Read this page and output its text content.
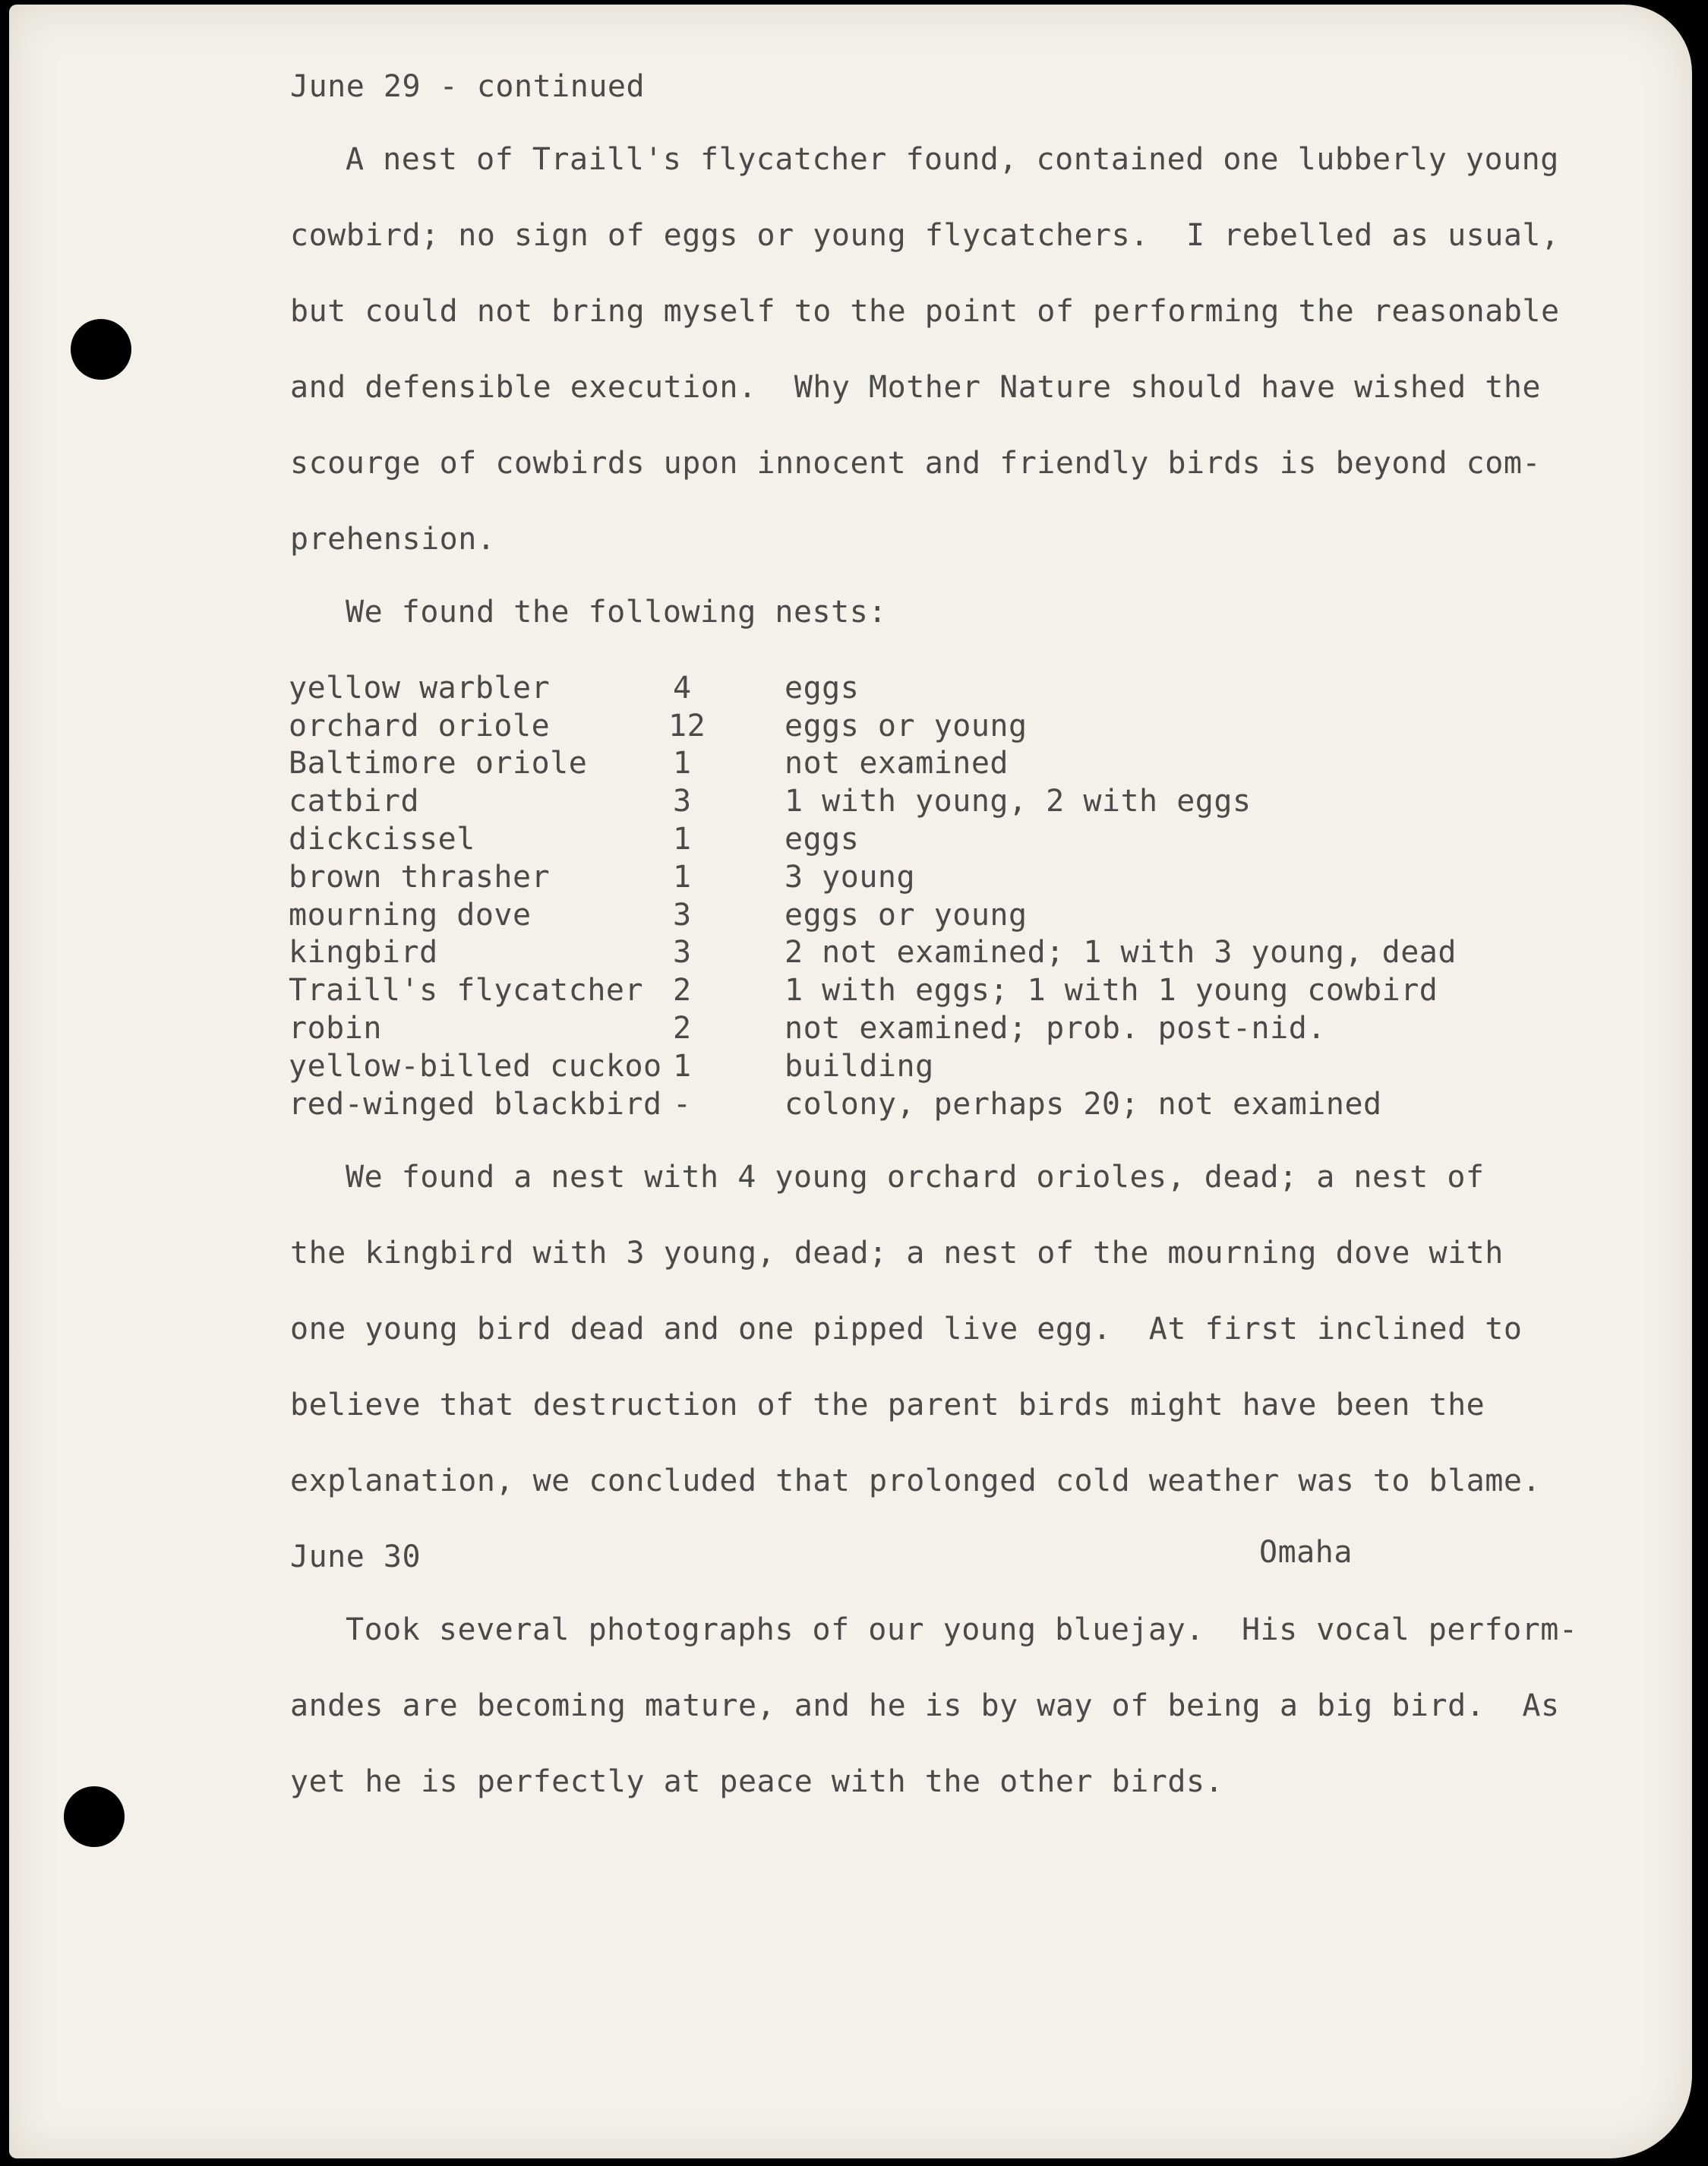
June 29 - continued
A nest of Traill's flycatcher found, contained one lubberly young
cowbird; no sign of eggs or young flycatchers.  I rebelled as usual,
but could not bring myself to the point of performing the reasonable
and defensible execution.  Why Mother Nature should have wished the
scourge of cowbirds upon innocent and friendly birds is beyond com-
prehension.
We found the following nests:
yellow warbler	4	eggs
orchard oriole	12	eggs or young
Baltimore oriole	1	not examined
catbird	3	1 with young, 2 with eggs
dickcissel	1	eggs
brown thrasher	1	3 young
mourning dove	3	eggs or young
kingbird	3	2 not examined; 1 with 3 young, dead
Traill's flycatcher 2	1 with eggs; 1 with 1 young cowbird
robin	2	not examined; prob. post-nid.
yellow-billed cuckoo 1	building
red-winged blackbird -	colony, perhaps 20; not examined
We found a nest with 4 young orchard orioles, dead; a nest of
the kingbird with 3 young, dead; a nest of the mourning dove with
one young bird dead and one pipped live egg.  At first inclined to
believe that destruction of the parent birds might have been the
explanation, we concluded that prolonged cold weather was to blame.
June 30	Omaha
Took several photographs of our young bluejay.  His vocal perform-
andes are becoming mature, and he is by way of being a big bird.  As
yet he is perfectly at peace with the other birds.
